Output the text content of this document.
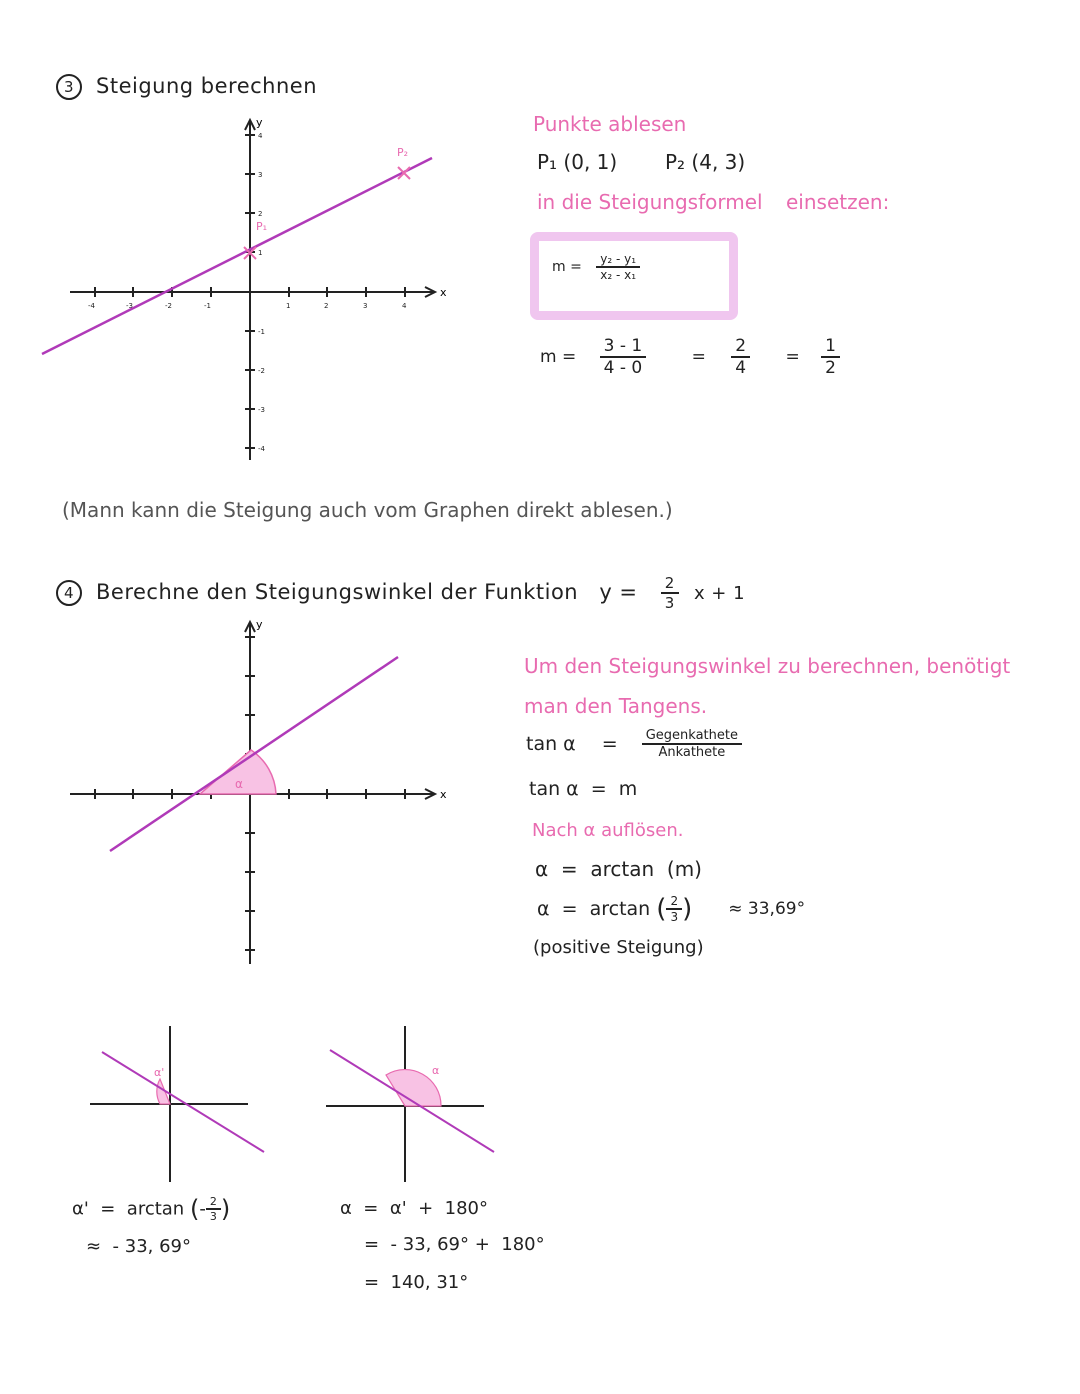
3 Steigung berechnen
x
y
-4	-3	-2	-1	1	2	3	4
4
3
2
1
-1
-2
-3
-4
P₁
P₂
Punkte ablesen
P₁ (0, 1) P₂ (4, 3)
in die Steigungsformel einsetzen:
$m = \frac{\text{y₂ - y₁}}{\text{x₂ - x₁}}$
$m = \frac{3 - 1}{4 - 0}$	= $\frac{2}{4} = \frac{1}{2}$
(Mann kann die Steigung auch vom Graphen direkt ablesen.)
4 Berechne den Steigungswinkel der Funktion $y = \frac{2}{3}$ x + 1
x
y
α
Um den Steigungswinkel zu berechnen, benötigt
man den Tangens.
$\tan \alpha = \frac{\text{Gegenkathete}}{\text{Ankathete}}$
tan α  =  m
Nach α auflösen.
α  =  arctan  (m)
α  =  arctan ( $\frac{2}{3}$ ) ≈ 33,69°
(positive Steigung)
α'	α
α'  =  arctan (- $\frac{2}{3}$ )
≈  - 33, 69°
α  =  α'  +  180°
=  - 33, 69° +  180°
=  140, 31°
